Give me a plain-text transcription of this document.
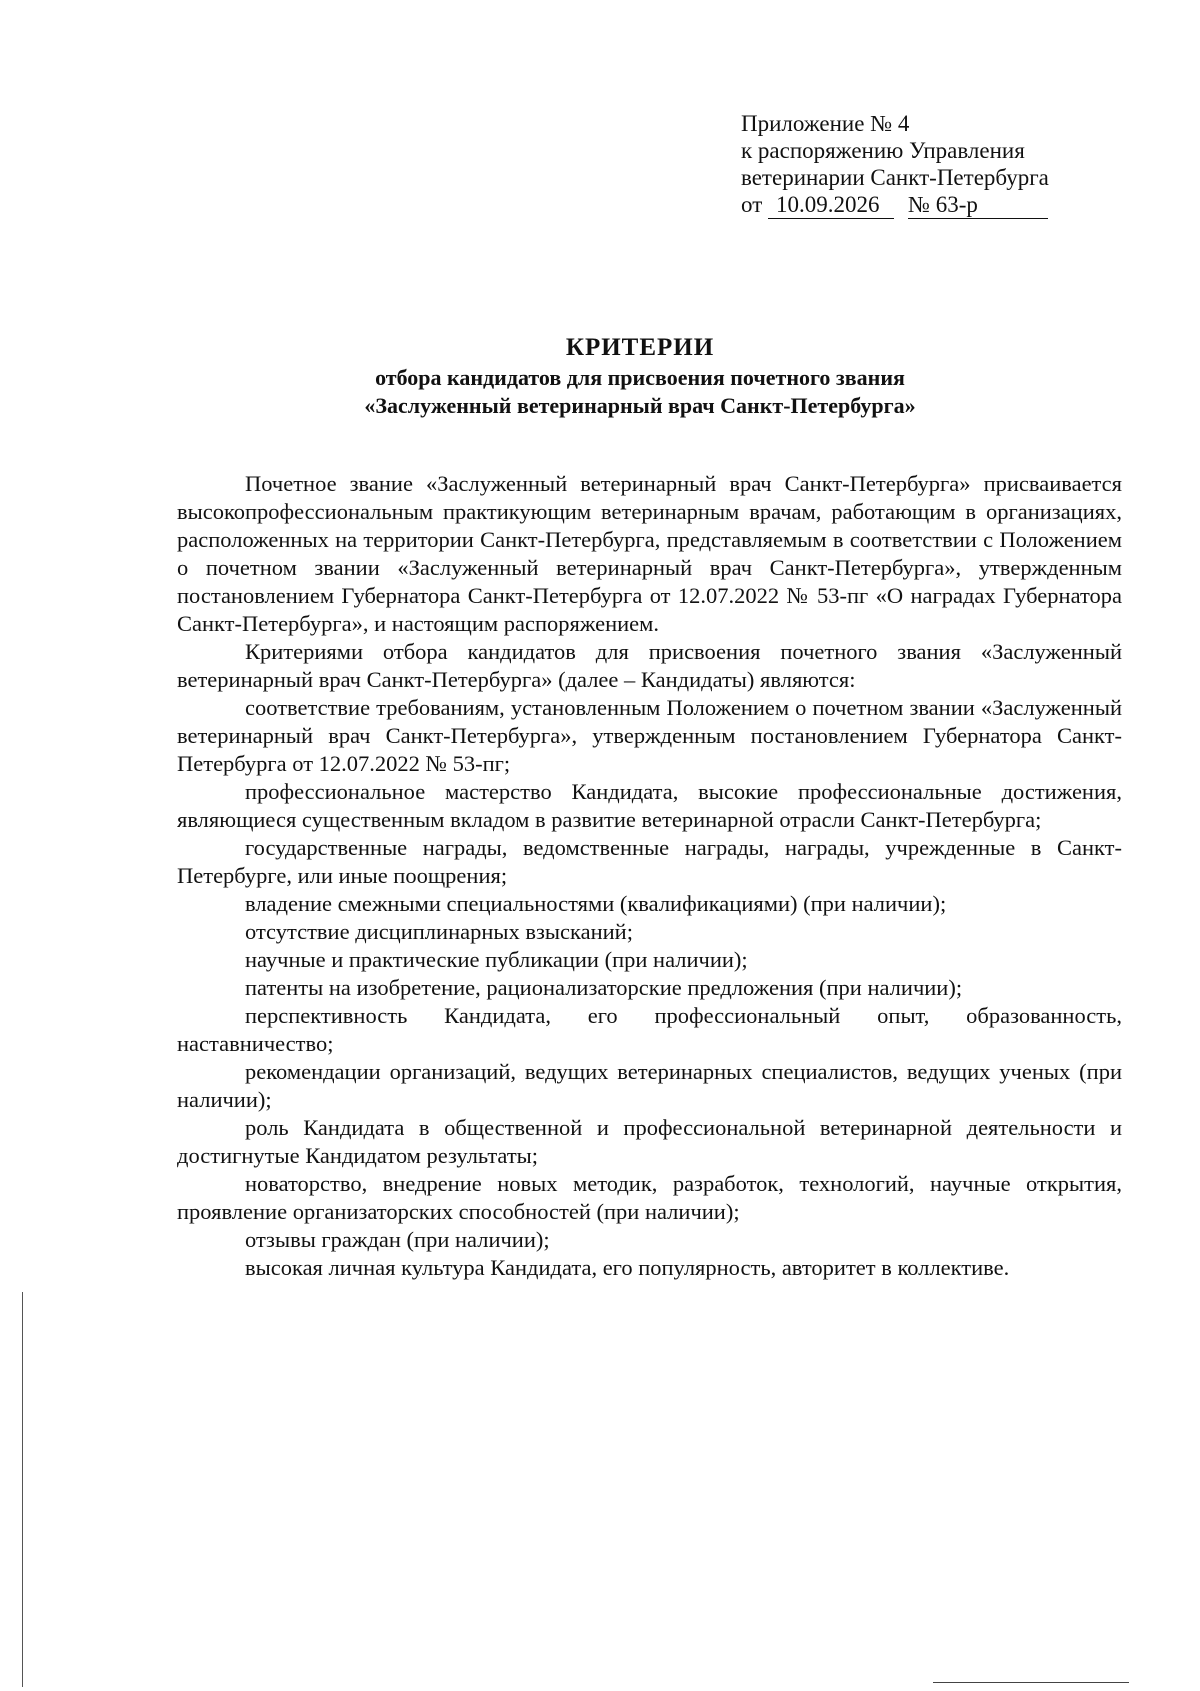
Приложение № 4
к распоряжению Управления
ветеринарии Санкт-Петербурга
от 10.09.2026 № 63-р
КРИТЕРИИ
отбора кандидатов для присвоения почетного звания
«Заслуженный ветеринарный врач Санкт-Петербурга»

Почетное звание «Заслуженный ветеринарный врач Санкт-Петербурга» присваивается высокопрофессиональным практикующим ветеринарным врачам, работающим в организациях, расположенных на территории Санкт-Петербурга, представляемым в соответствии с Положением о почетном звании «Заслуженный ветеринарный врач Санкт-Петербурга», утвержденным постановлением Губернатора Санкт-Петербурга от 12.07.2022 № 53-пг «О наградах Губернатора Санкт-Петербурга», и настоящим распоряжением.

Критериями отбора кандидатов для присвоения почетного звания «Заслуженный ветеринарный врач Санкт-Петербурга» (далее – Кандидаты) являются:

соответствие требованиям, установленным Положением о почетном звании «Заслуженный ветеринарный врач Санкт-Петербурга», утвержденным постановлением Губернатора Санкт-Петербурга от 12.07.2022 № 53-пг;

профессиональное мастерство Кандидата, высокие профессиональные достижения, являющиеся существенным вкладом в развитие ветеринарной отрасли Санкт-Петербурга;

государственные награды, ведомственные награды, награды, учрежденные в Санкт-Петербурге, или иные поощрения;

владение смежными специальностями (квалификациями) (при наличии);

отсутствие дисциплинарных взысканий;

научные и практические публикации (при наличии);

патенты на изобретение, рационализаторские предложения (при наличии);

перспективность Кандидата, его профессиональный опыт, образованность, наставничество;

рекомендации организаций, ведущих ветеринарных специалистов, ведущих ученых (при наличии);

роль Кандидата в общественной и профессиональной ветеринарной деятельности и достигнутые Кандидатом результаты;

новаторство, внедрение новых методик, разработок, технологий, научные открытия, проявление организаторских способностей (при наличии);

отзывы граждан (при наличии);

высокая личная культура Кандидата, его популярность, авторитет в коллективе.
